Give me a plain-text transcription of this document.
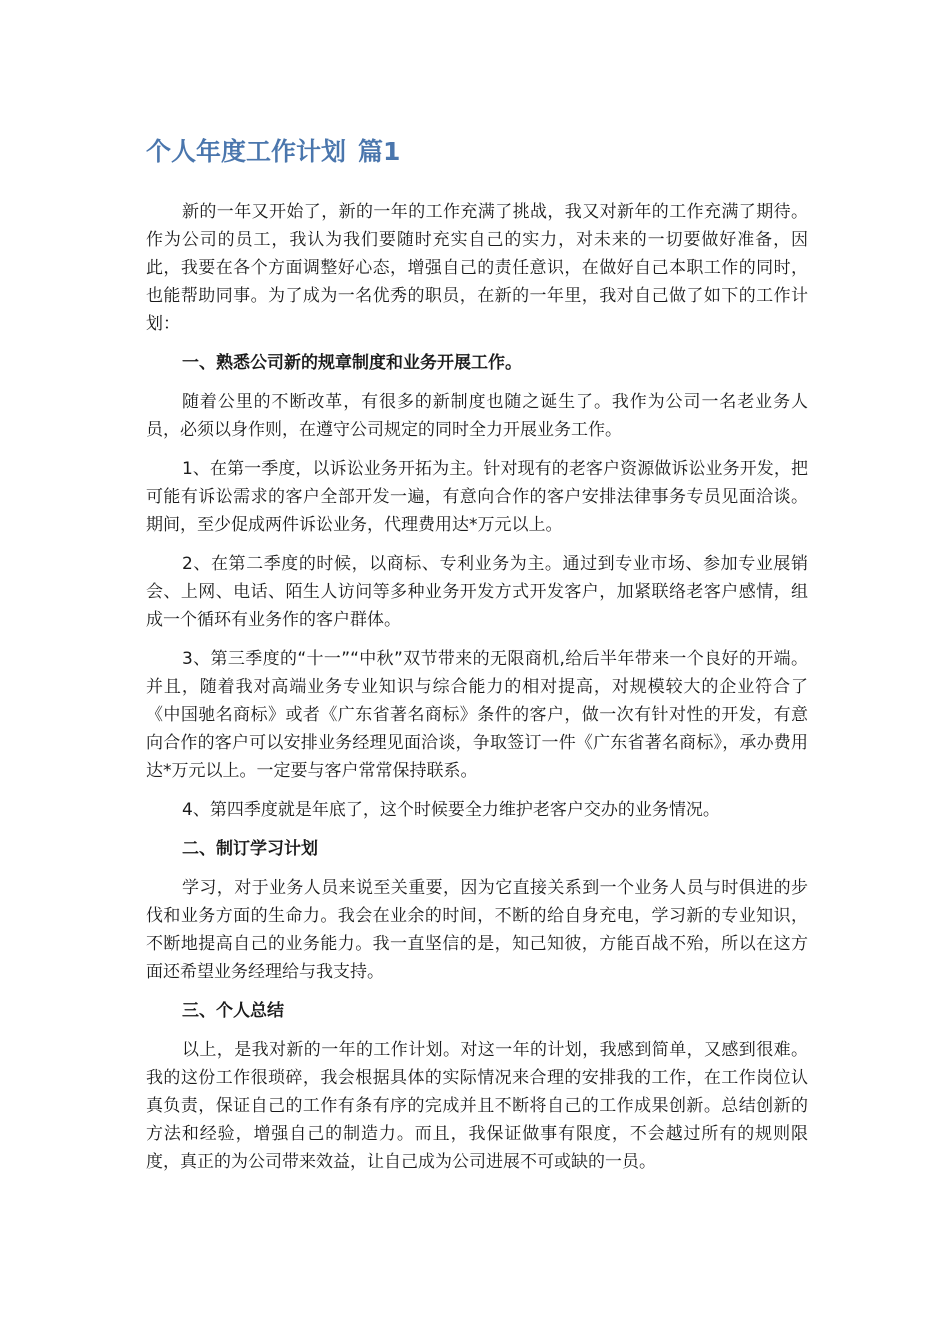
个人年度工作计划 篇1

新的一年又开始了，新的一年的工作充满了挑战，我又对新年的工作充满了期待。作为公司的员工，我认为我们要随时充实自己的实力，对未来的一切要做好准备，因此，我要在各个方面调整好心态，增强自己的责任意识，在做好自己本职工作的同时，也能帮助同事。为了成为一名优秀的职员，在新的一年里，我对自己做了如下的工作计划：

一、熟悉公司新的规章制度和业务开展工作。

随着公里的不断改革，有很多的新制度也随之诞生了。我作为公司一名老业务人员，必须以身作则，在遵守公司规定的同时全力开展业务工作。

1、在第一季度，以诉讼业务开拓为主。针对现有的老客户资源做诉讼业务开发，把可能有诉讼需求的客户全部开发一遍，有意向合作的客户安排法律事务专员见面洽谈。期间，至少促成两件诉讼业务，代理费用达*万元以上。

2、在第二季度的时候，以商标、专利业务为主。通过到专业市场、参加专业展销会、上网、电话、陌生人访问等多种业务开发方式开发客户，加紧联络老客户感情，组成一个循环有业务作的客户群体。

3、第三季度的“十一”“中秋”双节带来的无限商机,给后半年带来一个良好的开端。并且，随着我对高端业务专业知识与综合能力的相对提高，对规模较大的企业符合了《中国驰名商标》或者《广东省著名商标》条件的客户，做一次有针对性的开发，有意向合作的客户可以安排业务经理见面洽谈，争取签订一件《广东省著名商标》，承办费用达*万元以上。一定要与客户常常保持联系。

4、第四季度就是年底了，这个时候要全力维护老客户交办的业务情况。

二、制订学习计划

学习，对于业务人员来说至关重要，因为它直接关系到一个业务人员与时俱进的步伐和业务方面的生命力。我会在业余的时间，不断的给自身充电，学习新的专业知识，不断地提高自己的业务能力。我一直坚信的是，知己知彼，方能百战不殆，所以在这方面还希望业务经理给与我支持。

三、个人总结

以上，是我对新的一年的工作计划。对这一年的计划，我感到简单，又感到很难。我的这份工作很琐碎，我会根据具体的实际情况来合理的安排我的工作，在工作岗位认真负责，保证自己的工作有条有序的完成并且不断将自己的工作成果创新。总结创新的方法和经验，增强自己的制造力。而且，我保证做事有限度，不会越过所有的规则限度，真正的为公司带来效益，让自己成为公司进展不可或缺的一员。
